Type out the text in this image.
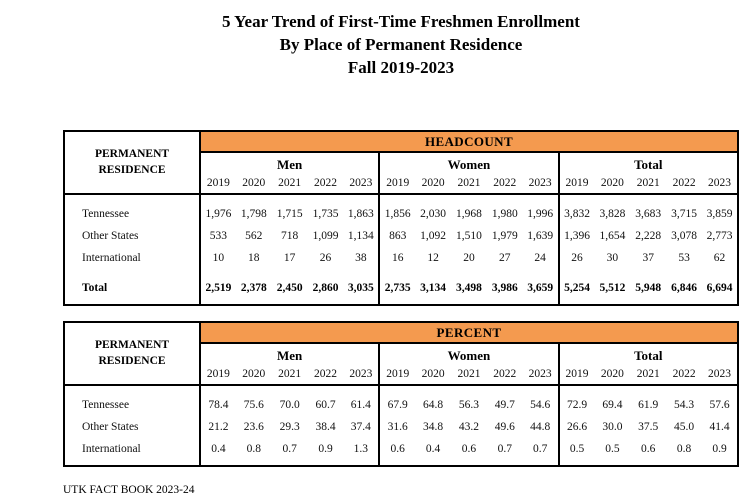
5 Year Trend of First-Time Freshmen Enrollment
By Place of Permanent Residence
Fall 2019-2023
PERMANENT RESIDENCE	HEADCOUNT														
	Men					Women					Total				
	2019	2020	2021	2022	2023	2019	2020	2021	2022	2023	2019	2020	2021	2022	2023
Tennessee	1,976	1,798	1,715	1,735	1,863	1,856	2,030	1,968	1,980	1,996	3,832	3,828	3,683	3,715	3,859
Other States	533	562	718	1,099	1,134	863	1,092	1,510	1,979	1,639	1,396	1,654	2,228	3,078	2,773
International	10	18	17	26	38	16	12	20	27	24	26	30	37	53	62

Total	2,519	2,378	2,450	2,860	3,035	2,735	3,134	3,498	3,986	3,659	5,254	5,512	5,948	6,846	6,694

PERMANENT RESIDENCE	PERCENT														
	Men					Women					Total				
	2019	2020	2021	2022	2023	2019	2020	2021	2022	2023	2019	2020	2021	2022	2023
Tennessee	78.4	75.6	70.0	60.7	61.4	67.9	64.8	56.3	49.7	54.6	72.9	69.4	61.9	54.3	57.6
Other States	21.2	23.6	29.3	38.4	37.4	31.6	34.8	43.2	49.6	44.8	26.6	30.0	37.5	45.0	41.4
International	0.4	0.8	0.7	0.9	1.3	0.6	0.4	0.6	0.7	0.7	0.5	0.5	0.6	0.8	0.9

UTK FACT BOOK 2023-24
